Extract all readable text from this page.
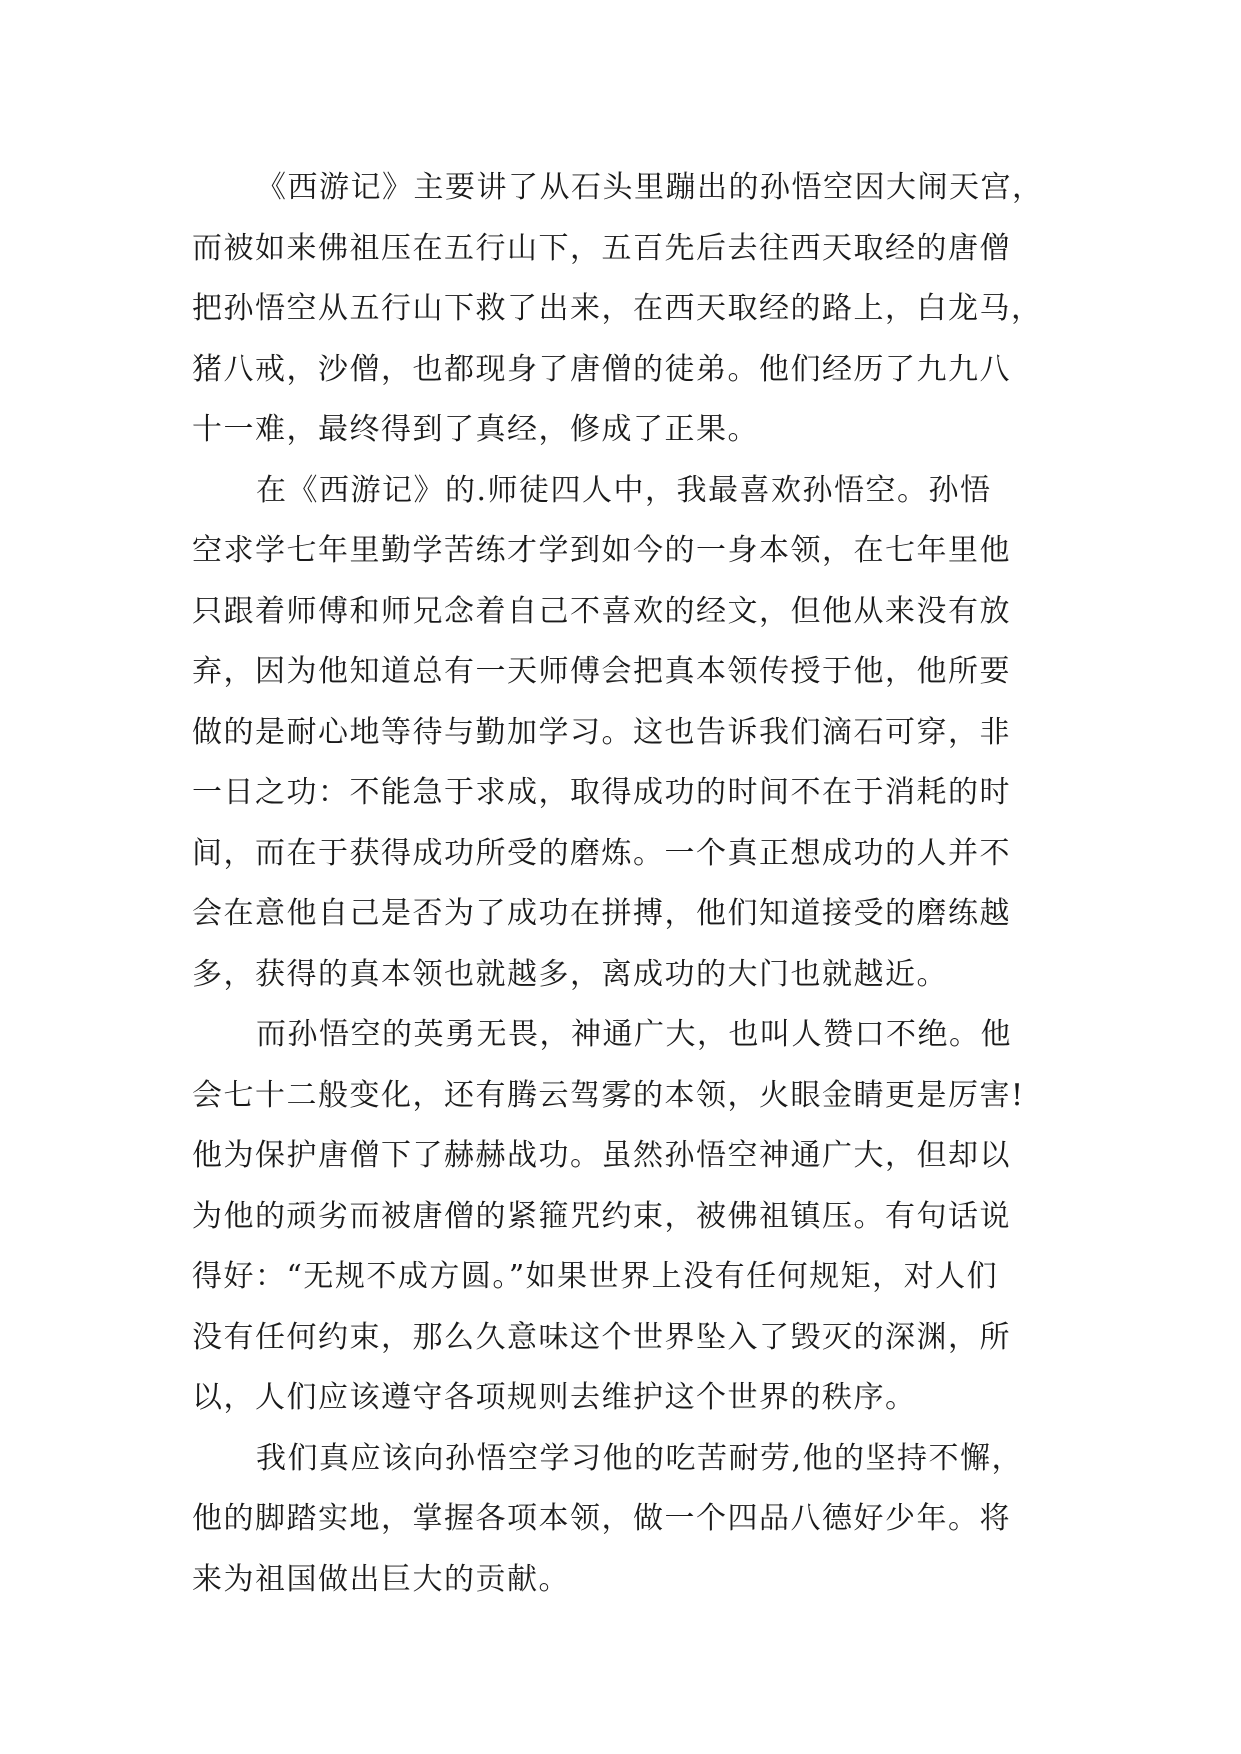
《西游记》主要讲了从石头里蹦出的孙悟空因大闹天宫，
而被如来佛祖压在五行山下，五百先后去往西天取经的唐僧
把孙悟空从五行山下救了出来，在西天取经的路上，白龙马，
猪八戒，沙僧，也都现身了唐僧的徒弟。他们经历了九九八
十一难，最终得到了真经，修成了正果。
在《西游记》的.师徒四人中，我最喜欢孙悟空。孙悟
空求学七年里勤学苦练才学到如今的一身本领，在七年里他
只跟着师傅和师兄念着自己不喜欢的经文，但他从来没有放
弃，因为他知道总有一天师傅会把真本领传授于他，他所要
做的是耐心地等待与勤加学习。这也告诉我们滴石可穿，非
一日之功：不能急于求成，取得成功的时间不在于消耗的时
间，而在于获得成功所受的磨炼。一个真正想成功的人并不
会在意他自己是否为了成功在拼搏，他们知道接受的磨练越
多，获得的真本领也就越多，离成功的大门也就越近。
而孙悟空的英勇无畏，神通广大，也叫人赞口不绝。他
会七十二般变化，还有腾云驾雾的本领，火眼金睛更是厉害!
他为保护唐僧下了赫赫战功。虽然孙悟空神通广大，但却以
为他的顽劣而被唐僧的紧箍咒约束，被佛祖镇压。有句话说
得好：“无规不成方圆。”如果世界上没有任何规矩，对人们
没有任何约束，那么久意味这个世界坠入了毁灭的深渊，所
以，人们应该遵守各项规则去维护这个世界的秩序。
我们真应该向孙悟空学习他的吃苦耐劳,他的坚持不懈，
他的脚踏实地，掌握各项本领，做一个四品八德好少年。将
来为祖国做出巨大的贡献。
